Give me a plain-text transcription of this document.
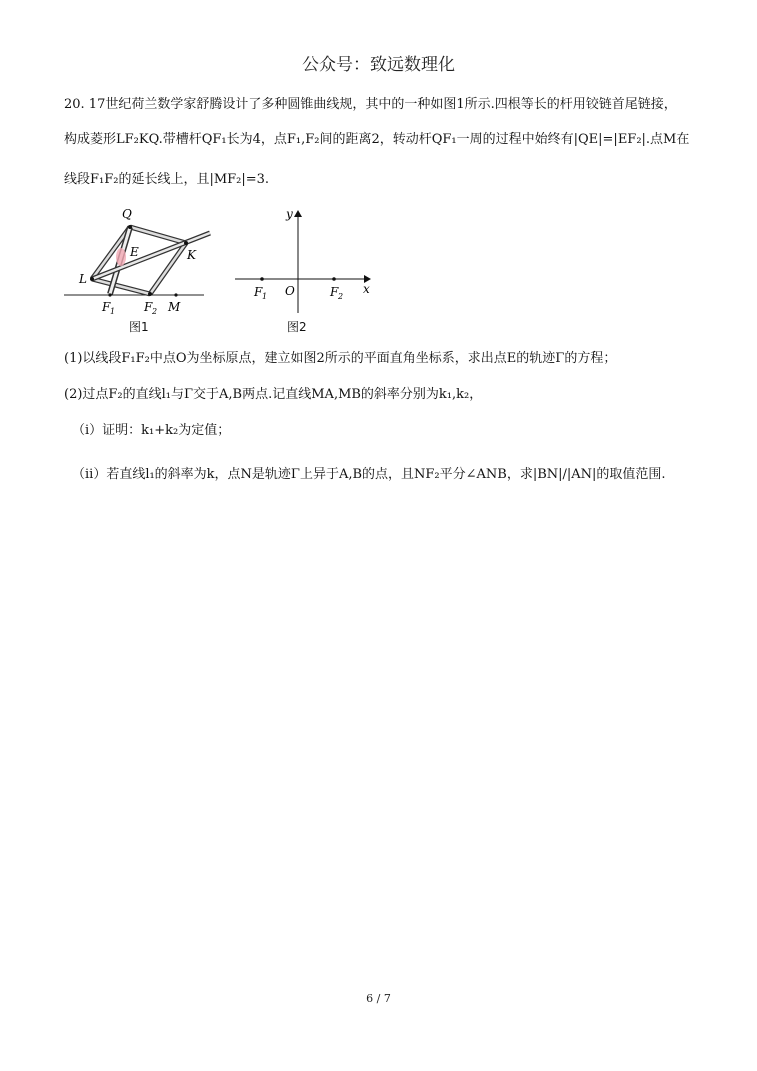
公众号：致远数理化
20. 17世纪荷兰数学家舒腾设计了多种圆锥曲线规，其中的一种如图1所示.四根等长的杆用铰链首尾链接，
构成菱形LF₂KQ.带槽杆QF₁长为4，点F₁,F₂间的距离2，转动杆QF₁一周的过程中始终有|QE|=|EF₂|.点M在
线段F₁F₂的延长线上，且|MF₂|=3.
Q
E	K
L
F 1 F 2 M
图1
y
x
O
F 1	F 2
图2
(1)以线段F₁F₂中点O为坐标原点，建立如图2所示的平面直角坐标系，求出点E的轨迹Γ的方程；
(2)过点F₂的直线l₁与Γ交于A,B两点.记直线MA,MB的斜率分别为k₁,k₂，
（i）证明：k₁+k₂为定值；
（ii）若直线l₁的斜率为k，点N是轨迹Γ上异于A,B的点，且NF₂平分∠ANB，求|BN|/|AN|的取值范围.
6 / 7
